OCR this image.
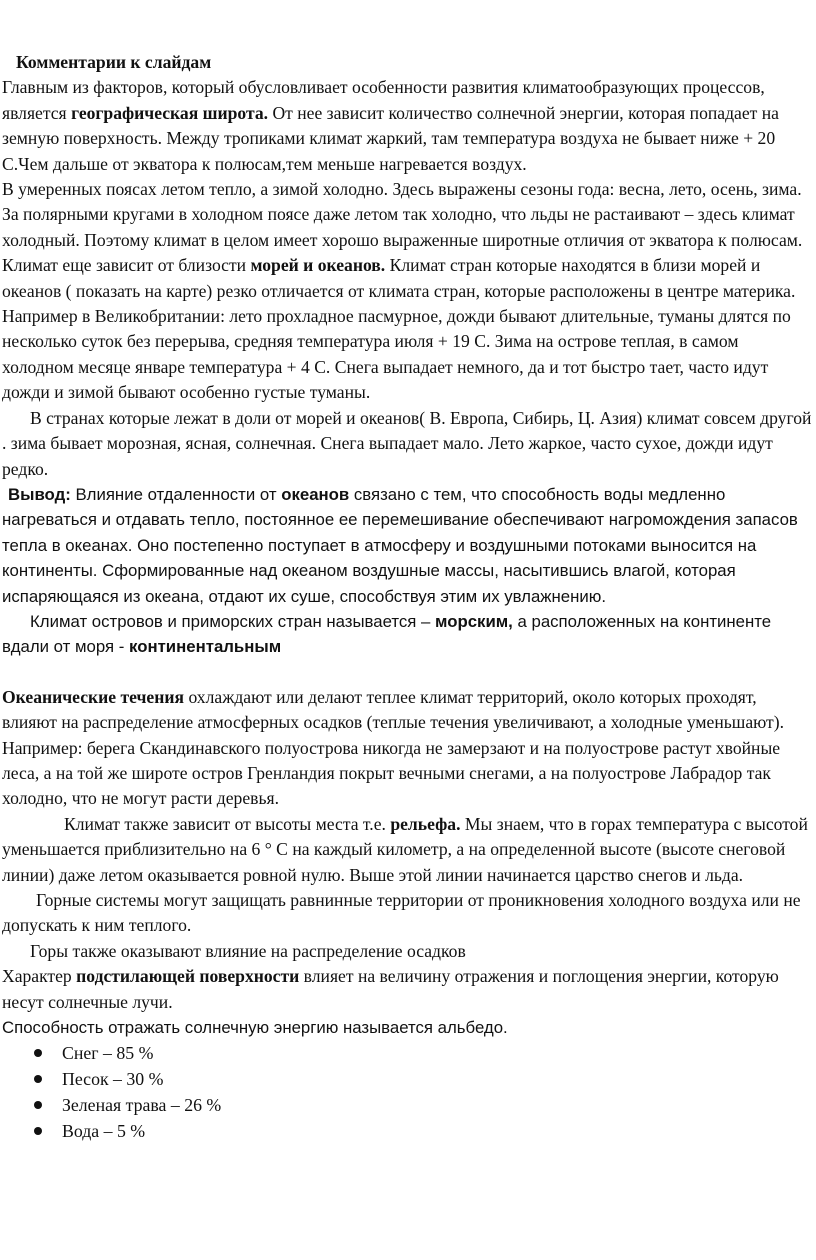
Комментарии к слайдам

Главным из факторов, который обусловливает особенности развития климатообразующих процессов, является географическая широта. От нее зависит количество солнечной энергии, которая попадает на земную поверхность. Между тропиками климат жаркий, там температура воздуха не бывает ниже + 20 С.Чем дальше от экватора к полюсам,тем меньше нагревается воздух.

В умеренных поясах летом тепло, а зимой холодно. Здесь выражены сезоны года: весна, лето, осень, зима. За полярными кругами в холодном поясе даже летом так холодно, что льды не растаивают – здесь климат холодный. Поэтому климат в целом имеет хорошо выраженные широтные отличия от экватора к полюсам.

Климат еще зависит от близости морей и океанов. Климат стран которые находятся в близи морей и океанов ( показать на карте) резко отличается от климата стран, которые расположены в центре материка. Например в Великобритании: лето прохладное пасмурное, дожди бывают длительные, туманы длятся по несколько суток без перерыва, средняя температура июля + 19 С. Зима на острове теплая, в самом холодном месяце январе температура + 4 С. Снега выпадает немного, да и тот быстро тает, часто идут дожди и зимой бывают особенно густые туманы.

В странах которые лежат в доли от морей и океанов( В. Европа, Сибирь, Ц. Азия) климат совсем другой . зима бывает морозная, ясная, солнечная. Снега выпадает мало. Лето жаркое, часто сухое, дожди идут редко.

Вывод: Влияние отдаленности от океанов связано с тем, что способность воды медленно нагреваться и отдавать тепло, постоянное ее перемешивание обеспечивают нагромождения запасов тепла в океанах. Оно постепенно поступает в атмосферу и воздушными потоками выносится на континенты. Сформированные над океаном воздушные массы, насытившись влагой, которая испаряющаяся из океана, отдают их суше, способствуя этим их увлажнению.

Климат островов и приморских стран называется – морским, а расположенных на континенте вдали от моря - континентальным

Океанические течения охлаждают или делают теплее климат территорий, около которых проходят, влияют на распределение атмосферных осадков (теплые течения увеличивают, а холодные уменьшают). Например: берега Скандинавского полуострова никогда не замерзают и на полуострове растут хвойные леса, а на той же широте остров Гренландия покрыт вечными снегами, а на полуострове Лабрадор так холодно, что не могут расти деревья.

Климат также зависит от высоты места т.е. рельефа. Мы знаем, что в горах температура с высотой уменьшается приблизительно на 6 ° С на каждый километр, а на определенной высоте (высоте снеговой линии) даже летом оказывается ровной нулю. Выше этой линии начинается царство снегов и льда.

Горные системы могут защищать равнинные территории от проникновения холодного воздуха или не допускать к ним теплого.

Горы также оказывают влияние на распределение осадков

Характер подстилающей поверхности влияет на величину отражения и поглощения энергии, которую несут солнечные лучи.

Способность отражать солнечную энергию называется альбедо.

Снег – 85 %
Песок – 30 %
Зеленая трава – 26 %
Вода – 5 %
